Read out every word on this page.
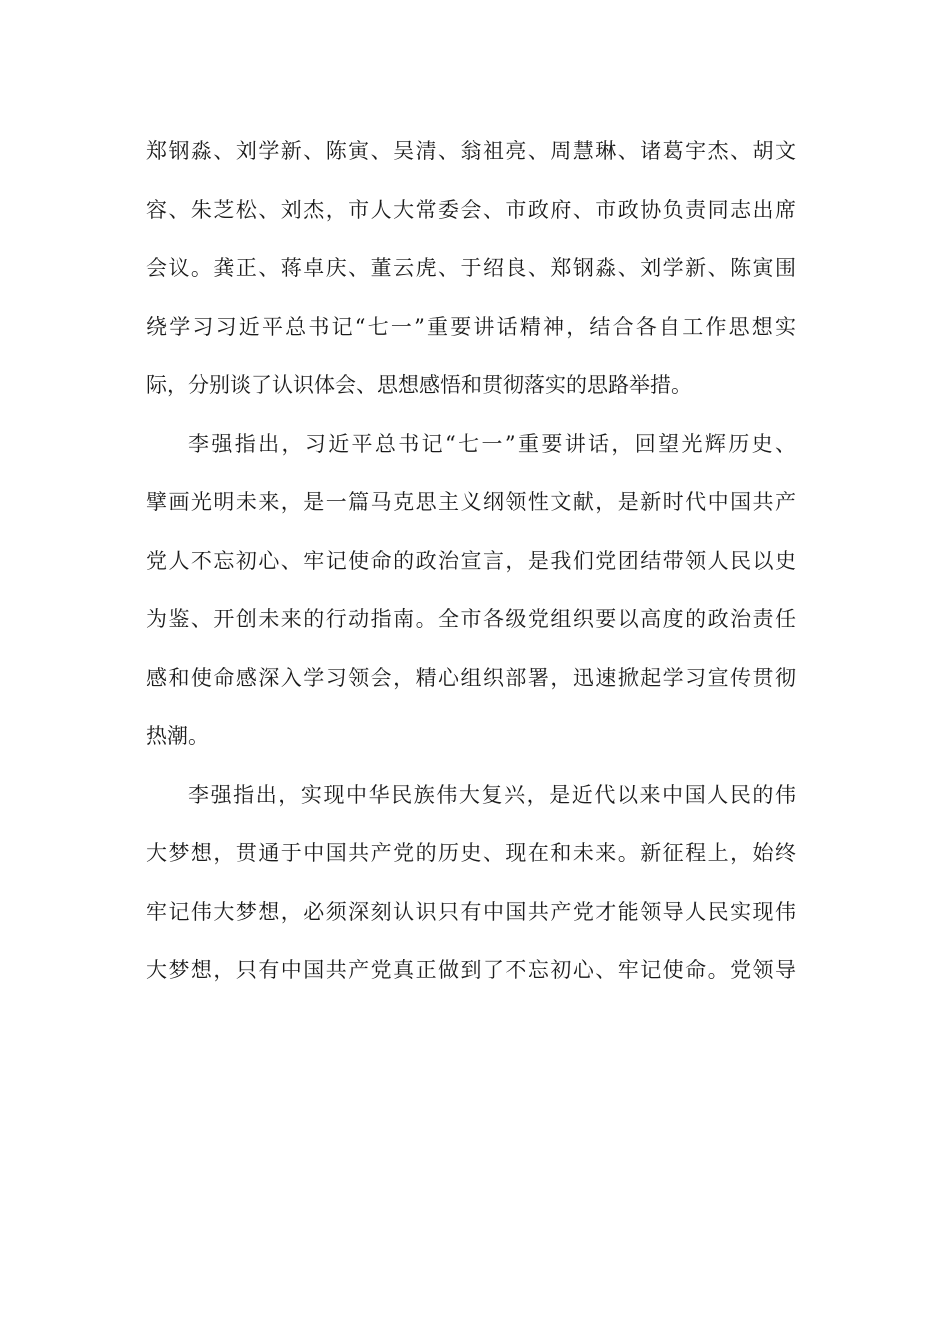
郑钢淼、刘学新、陈寅、吴清、翁祖亮、周慧琳、诸葛宇杰、胡文
容、朱芝松、刘杰，市人大常委会、市政府、市政协负责同志出席
会议。龚正、蒋卓庆、董云虎、于绍良、郑钢淼、刘学新、陈寅围
绕学习习近平总书记“七一”重要讲话精神，结合各自工作思想实
际，分别谈了认识体会、思想感悟和贯彻落实的思路举措。
李强指出，习近平总书记“七一”重要讲话，回望光辉历史、
擘画光明未来，是一篇马克思主义纲领性文献，是新时代中国共产
党人不忘初心、牢记使命的政治宣言，是我们党团结带领人民以史
为鉴、开创未来的行动指南。全市各级党组织要以高度的政治责任
感和使命感深入学习领会，精心组织部署，迅速掀起学习宣传贯彻
热潮。
李强指出，实现中华民族伟大复兴，是近代以来中国人民的伟
大梦想，贯通于中国共产党的历史、现在和未来。新征程上，始终
牢记伟大梦想，必须深刻认识只有中国共产党才能领导人民实现伟
大梦想，只有中国共产党真正做到了不忘初心、牢记使命。党领导
